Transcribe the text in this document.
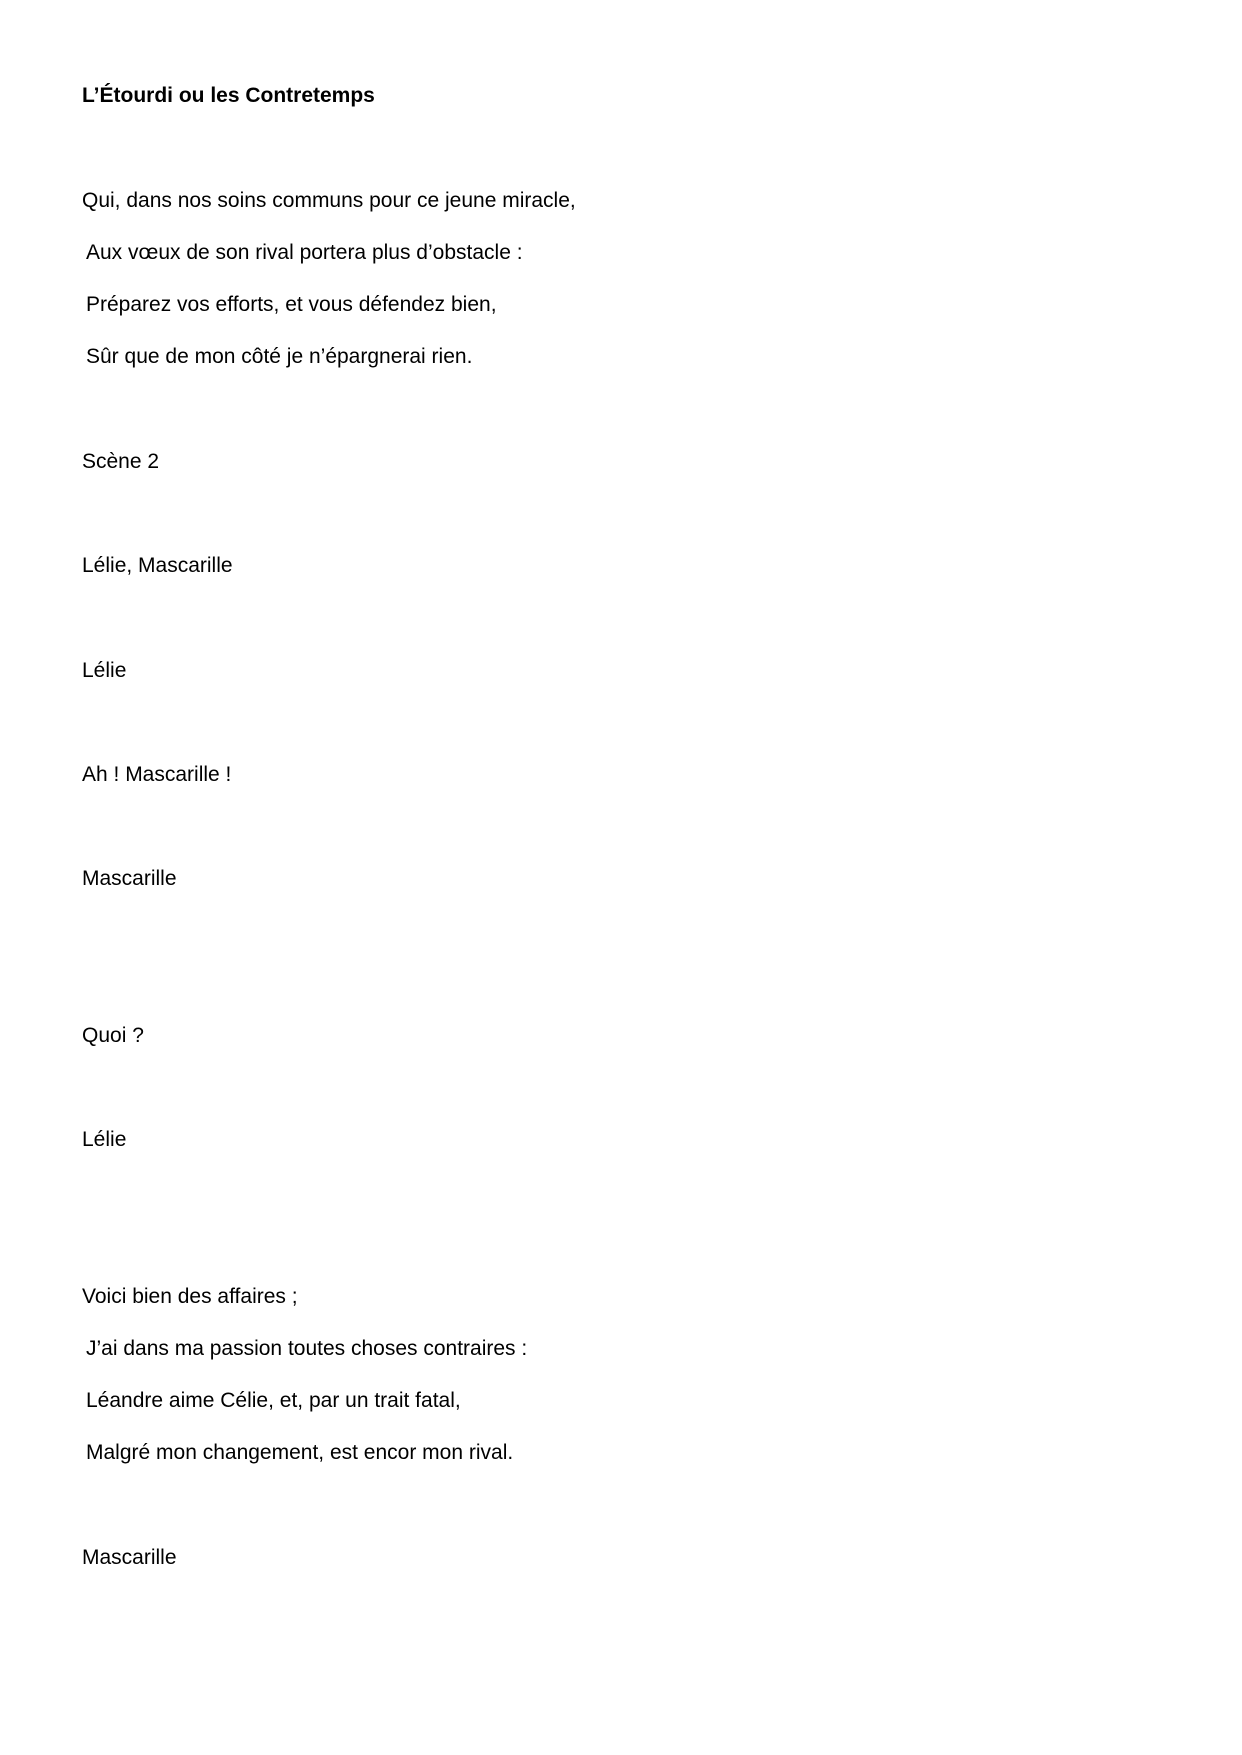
L’Étourdi ou les Contretemps
Qui, dans nos soins communs pour ce jeune miracle,
Aux vœux de son rival portera plus d’obstacle :
Préparez vos efforts, et vous défendez bien,
Sûr que de mon côté je n’épargnerai rien.
Scène 2
Lélie, Mascarille
Lélie
Ah ! Mascarille !
Mascarille
Quoi ?
Lélie
Voici bien des affaires ;
J’ai dans ma passion toutes choses contraires :
Léandre aime Célie, et, par un trait fatal,
Malgré mon changement, est encor mon rival.
Mascarille
